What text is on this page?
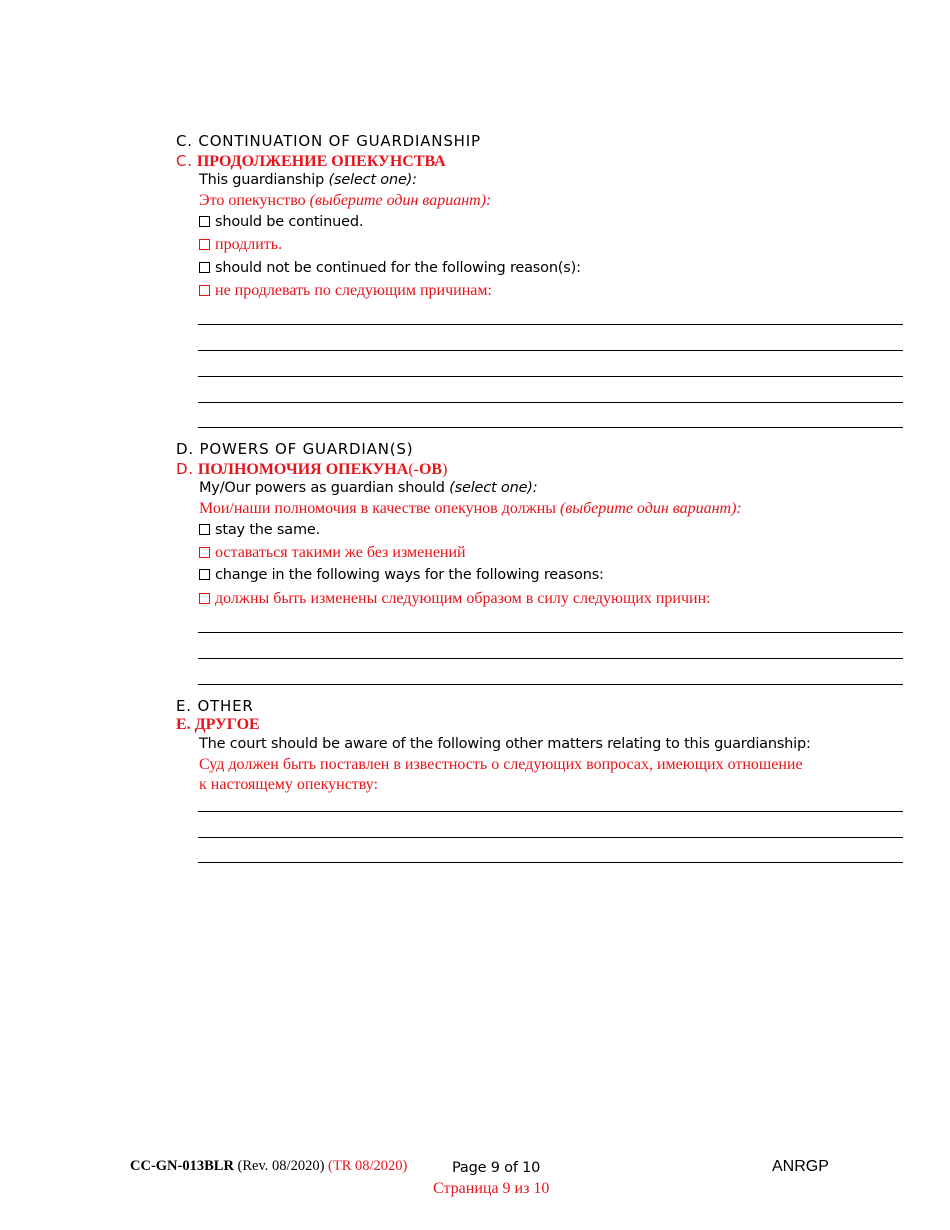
C. CONTINUATION OF GUARDIANSHIP
C. ПРОДОЛЖЕНИЕ ОПЕКУНСТВА
This guardianship (select one):
Это опекунство (выберите один вариант):
should be continued.
продлить.
should not be continued for the following reason(s):
не продлевать по следующим причинам:
D. POWERS OF GUARDIAN(S)
D. ПОЛНОМОЧИЯ ОПЕКУНА(-ОВ)
My/Our powers as guardian should (select one):
Мои/наши полномочия в качестве опекунов должны (выберите один вариант):
stay the same.
оставаться такими же без изменений
change in the following ways for the following reasons:
должны быть изменены следующим образом в силу следующих причин:
E. OTHER
E. ДРУГОЕ
The court should be aware of the following other matters relating to this guardianship:
Суд должен быть поставлен в известность о следующих вопросах, имеющих отношение
к настоящему опекунству:
CC-GN-013BLR (Rev. 08/2020) (TR 08/2020)	Page 9 of 10
Страница 9 из 10
ANRGP
